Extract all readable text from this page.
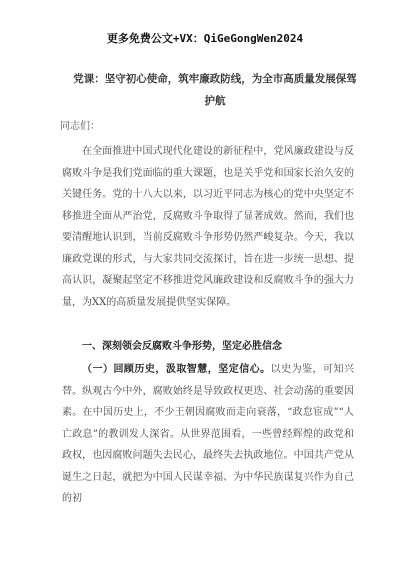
更多免费公文+VX：QiGeGongWen2024
党课：坚守初心使命，筑牢廉政防线，为全市高质量发展保驾护航
同志们：

在全面推进中国式现代化建设的新征程中，党风廉政建设与反腐败斗争是我们党面临的重大课题，也是关乎党和国家长治久安的关键任务。党的十八大以来，以习近平同志为核心的党中央坚定不移推进全面从严治党，反腐败斗争取得了显著成效。然而，我们也要清醒地认识到，当前反腐败斗争形势仍然严峻复杂。今天，我以廉政党课的形式，与大家共同交流探讨，旨在进一步统一思想、提高认识，凝聚起坚定不移推进党风廉政建设和反腐败斗争的强大力量，为XX的高质量发展提供坚实保障。

一、深刻领会反腐败斗争形势，坚定必胜信念

（一）回顾历史，汲取智慧，坚定信心。以史为鉴，可知兴替。纵观古今中外，腐败始终是导致政权更迭、社会动荡的重要因素。在中国历史上，不少王朝因腐败而走向衰落，“政怠宦成”“人亡政息”的教训发人深省。从世界范围看，一些曾经辉煌的政党和政权，也因腐败问题失去民心，最终失去执政地位。中国共产党从诞生之日起，就把为中国人民谋幸福、为中华民族谋复兴作为自己的初
